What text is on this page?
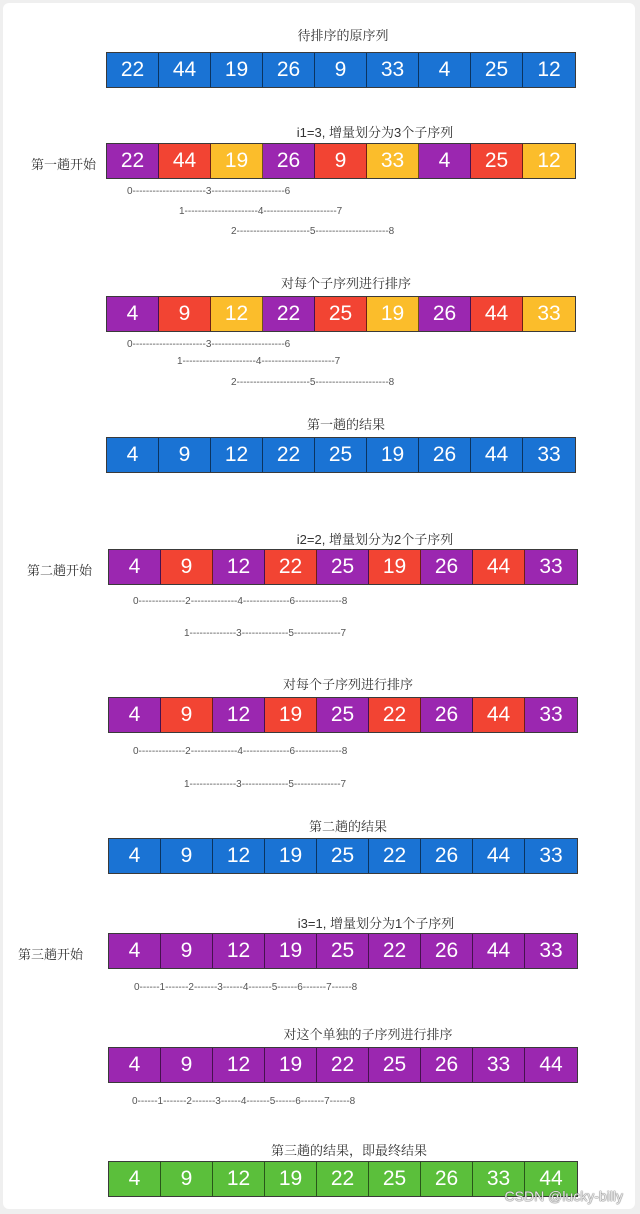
待排序的原序列
22	44	19	26	9	33	4	25	12
i1=3, 增量划分为3个子序列
第一趟开始	22	44	19	26	9	33	4	25	12
0----------------------3----------------------6
1----------------------4----------------------7
2----------------------5----------------------8
对每个子序列进行排序
4	9	12	22	25	19	26	44	33
0----------------------3----------------------6
1----------------------4----------------------7
2----------------------5----------------------8
第一趟的结果
4	9	12	22	25	19	26	44	33
i2=2, 增量划分为2个子序列
第二趟开始	4	9	12	22	25	19	26	44	33
0--------------2--------------4--------------6--------------8
1--------------3--------------5--------------7
对每个子序列进行排序
4	9	12	19	25	22	26	44	33
0--------------2--------------4--------------6--------------8
1--------------3--------------5--------------7
第二趟的结果
4	9	12	19	25	22	26	44	33
i3=1, 增量划分为1个子序列
第三趟开始	4	9	12	19	25	22	26	44	33
0------1-------2-------3------4-------5------6-------7------8
对这个单独的子序列进行排序
4	9	12	19	22	25	26	33	44
0------1-------2-------3------4-------5------6-------7------8
第三趟的结果，即最终结果
4	9	12	19	22	25	26	33	44
CSDN @lucky-billy
